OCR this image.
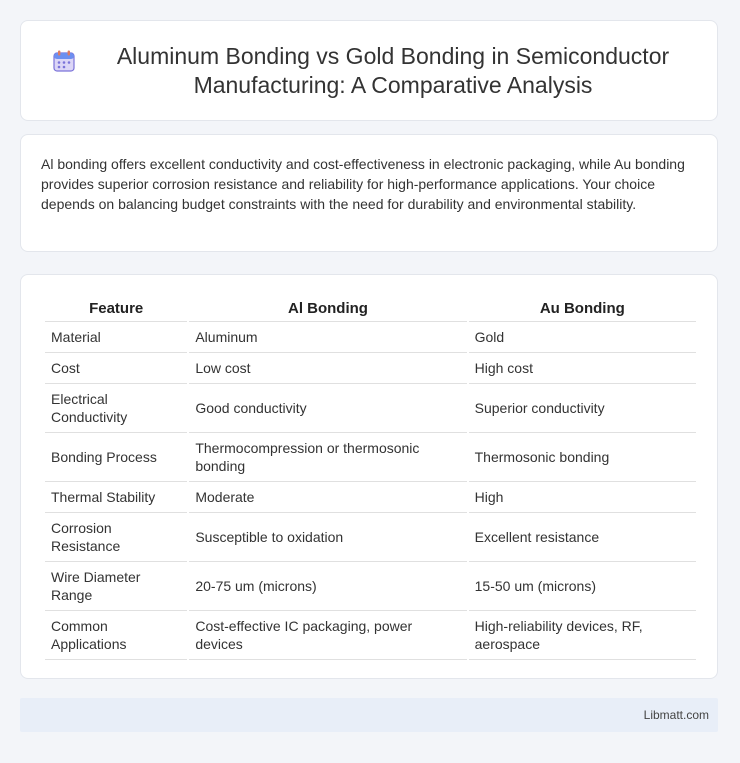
Aluminum Bonding vs Gold Bonding in Semiconductor Manufacturing: A Comparative Analysis

Al bonding offers excellent conductivity and cost-effectiveness in electronic packaging, while Au bonding provides superior corrosion resistance and reliability for high-performance applications. Your choice depends on balancing budget constraints with the need for durability and environmental stability.

Feature	Al Bonding	Au Bonding
Material	Aluminum	Gold
Cost	Low cost	High cost
Electrical Conductivity	Good conductivity	Superior conductivity
Bonding Process	Thermocompression or thermosonic bonding	Thermosonic bonding
Thermal Stability	Moderate	High
Corrosion Resistance	Susceptible to oxidation	Excellent resistance
Wire Diameter Range	20-75 um (microns)	15-50 um (microns)
Common Applications	Cost-effective IC packaging, power devices	High-reliability devices, RF, aerospace
Libmatt.com
